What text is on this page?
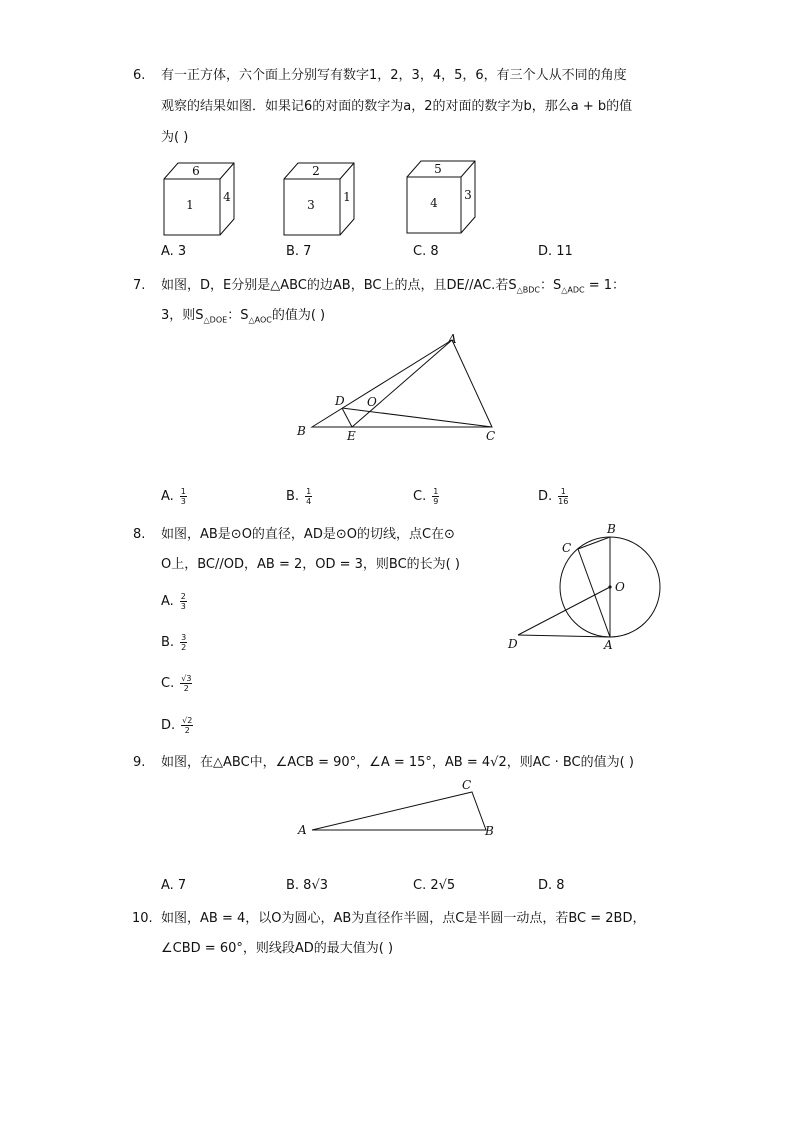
6. 有一正方体，六个面上分别写有数字1，2，3，4，5，6，有三个人从不同的角度
观察的结果如图．如果记6的对面的数字为a，2的对面的数字为b，那么a + b的值
为( )
6
1
4
2
3
1
5
4
3
A. 3	B. 7	C. 8	D. 11
7. 如图，D，E分别是△ABC的边AB，BC上的点，且DE//AC.若$S_{\triangle BDC}$：$S_{\triangle ADC} = 1$：
3，则$S_{\triangle DOE}$：$S_{\triangle AOC}$的值为( )
A
B	C
D
E
O
A. $\frac{1}{3}$	B. $\frac{1}{4}$	C. $\frac{1}{9}$	D. $\frac{1}{16}$
8. 如图，AB是⊙O的直径，AD是⊙O的切线，点C在⊙
O上，BC//OD，AB = 2，OD = 3，则BC的长为( )
B
C
O
D	A
A. $\frac{2}{3}$
B. $\frac{3}{2}$
C. $\frac{√3}{2}$
D. $\frac{√2}{2}$
9. 如图，在△ABC中，∠ACB = 90°，∠A = 15°，AB = 4√2，则AC · BC的值为( )
A
C
B
A. 7	B. 8√3	C. 2√5	D. 8
10. 如图，AB = 4，以O为圆心，AB为直径作半圆，点C是半圆一动点，若BC = 2BD，
∠CBD = 60°，则线段AD的最大值为( )
